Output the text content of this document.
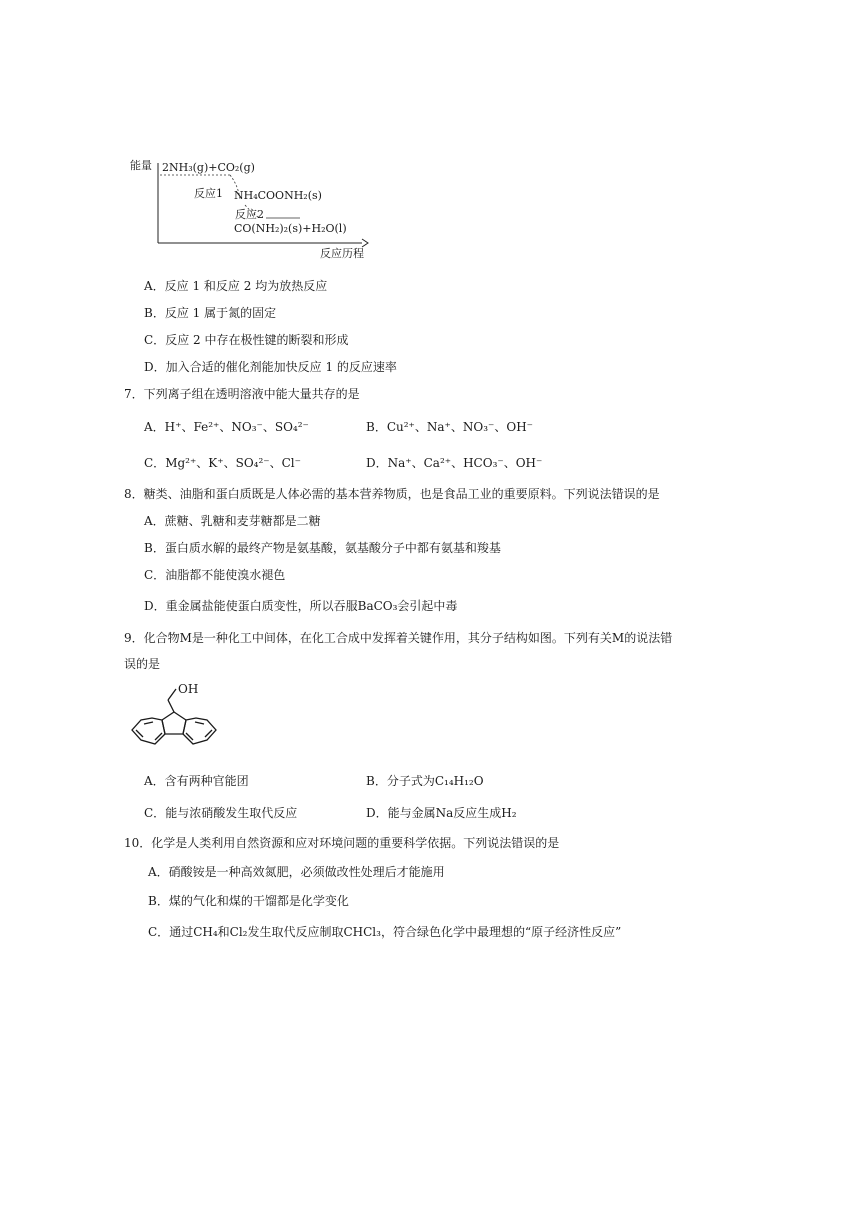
能量 2NH₃(g)+CO₂(g)
反应1 NH₄COONH₂(s)
反应2
CO(NH₂)₂(s)+H₂O(l)
反应历程
A．反应 1 和反应 2 均为放热反应
B．反应 1 属于氮的固定
C．反应 2 中存在极性键的断裂和形成
D．加入合适的催化剂能加快反应 1 的反应速率
7．下列离子组在透明溶液中能大量共存的是
A．H⁺、Fe²⁺、NO₃⁻、SO₄²⁻	B．Cu²⁺、Na⁺、NO₃⁻、OH⁻
C．Mg²⁺、K⁺、SO₄²⁻、Cl⁻	D．Na⁺、Ca²⁺、HCO₃⁻、OH⁻
8．糖类、油脂和蛋白质既是人体必需的基本营养物质，也是食品工业的重要原料。下列说法错误的是
A．蔗糖、乳糖和麦芽糖都是二糖
B．蛋白质水解的最终产物是氨基酸，氨基酸分子中都有氨基和羧基
C．油脂都不能使溴水褪色
D．重金属盐能使蛋白质变性，所以吞服BaCO₃会引起中毒
9．化合物M是一种化工中间体，在化工合成中发挥着关键作用，其分子结构如图。下列有关M的说法错
误的是
OH
A．含有两种官能团	B．分子式为C₁₄H₁₂O
C．能与浓硝酸发生取代反应	D．能与金属Na反应生成H₂
10．化学是人类利用自然资源和应对环境问题的重要科学依据。下列说法错误的是
A．硝酸铵是一种高效氮肥，必须做改性处理后才能施用
B．煤的气化和煤的干馏都是化学变化
C．通过CH₄和Cl₂发生取代反应制取CHCl₃，符合绿色化学中最理想的“原子经济性反应”
